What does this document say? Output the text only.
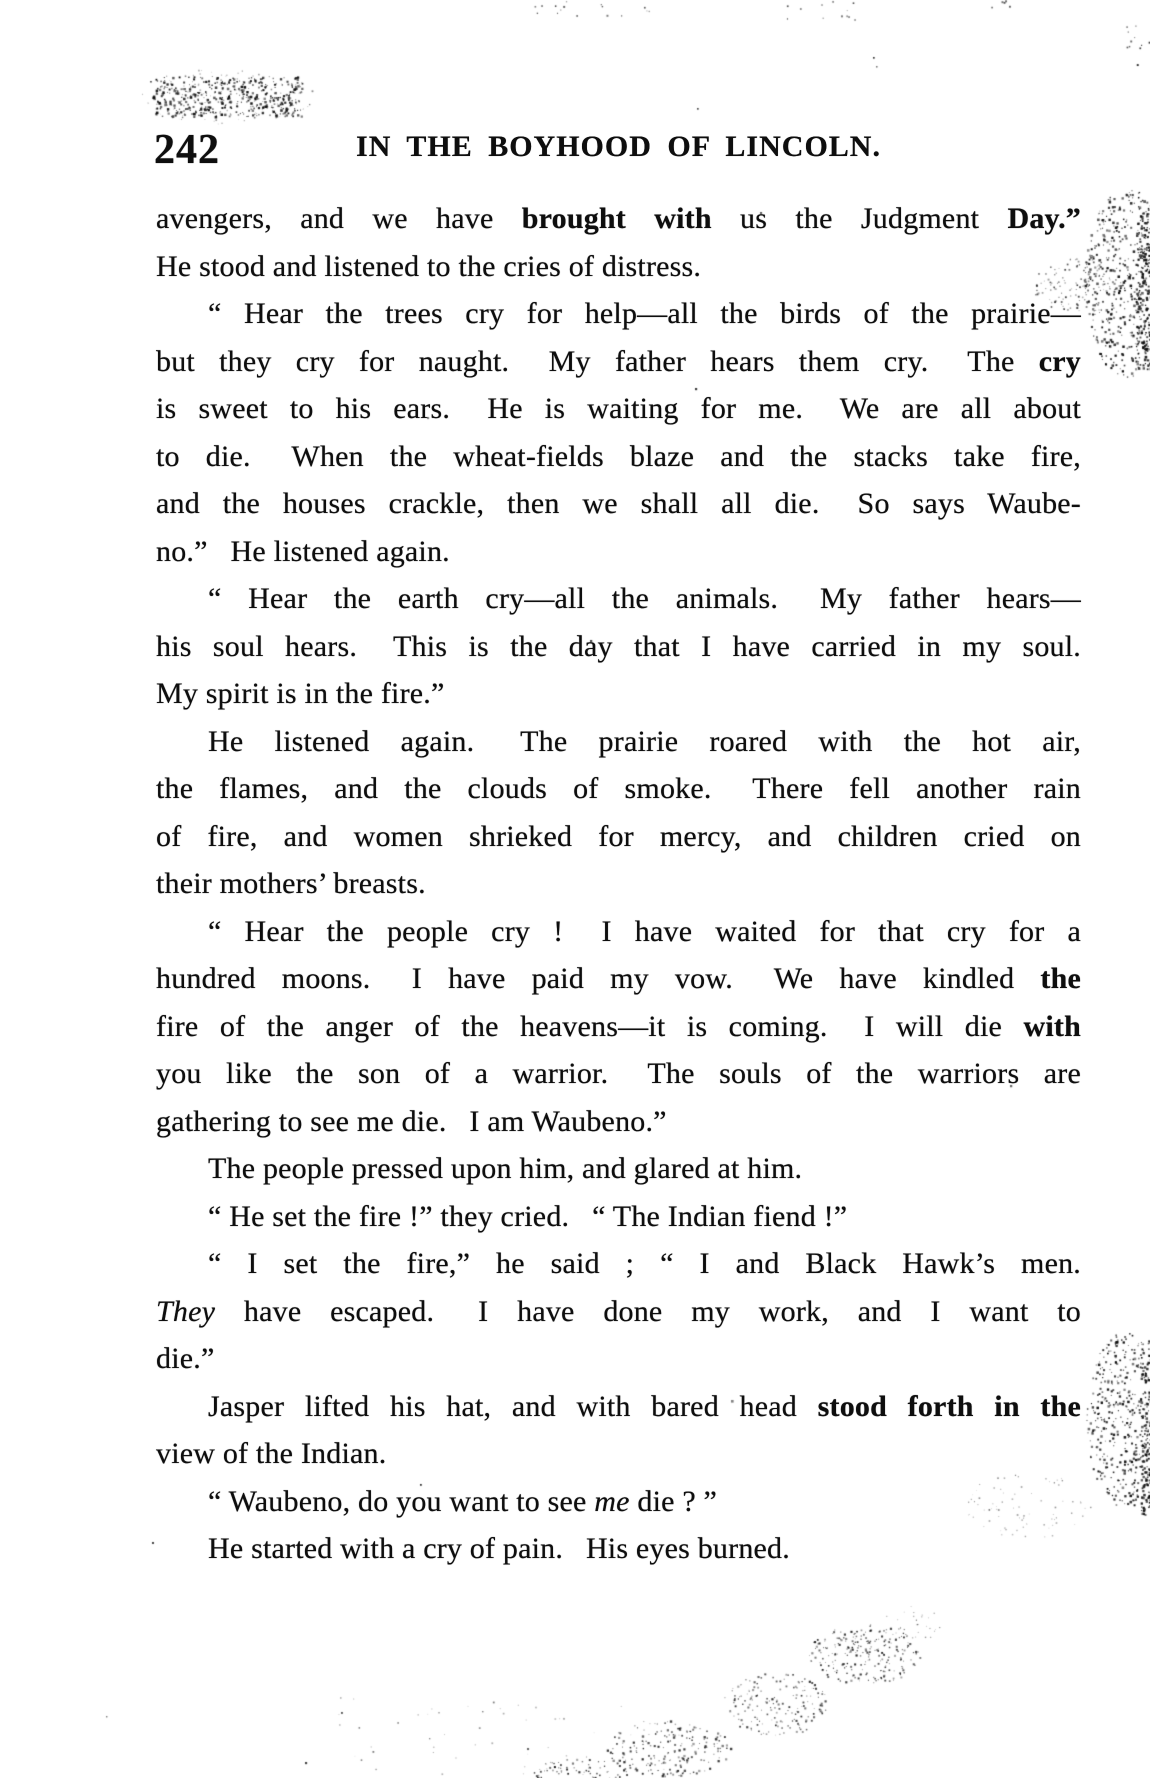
242	IN THE BOYHOOD OF LINCOLN.
avengers, and we have brought with us the Judgment Day.”
He stood and listened to the cries of distress.
“ Hear the trees cry for help—all the birds of the prairie—
but they cry for naught.  My father hears them cry.  The cry
is sweet to his ears.  He is waiting for me.  We are all about
to die.  When the wheat-fields blaze and the stacks take fire,
and the houses crackle, then we shall all die.  So says Waube-
no.”  He listened again.
“ Hear the earth cry—all the animals.  My father hears—
his soul hears.  This is the day that I have carried in my soul.
My spirit is in the fire.”
He listened again.  The prairie roared with the hot air,
the flames, and the clouds of smoke.  There fell another rain
of fire, and women shrieked for mercy, and children cried on
their mothers’ breasts.
“ Hear the people cry !  I have waited for that cry for a
hundred moons.  I have paid my vow.  We have kindled the
fire of the anger of the heavens—it is coming.  I will die with
you like the son of a warrior.  The souls of the warriors are
gathering to see me die.  I am Waubeno.”
The people pressed upon him, and glared at him.
“ He set the fire !” they cried.  “ The Indian fiend !”
“ I set the fire,” he said ; “ I and Black Hawk’s men.
They have escaped.  I have done my work, and I want to
die.”
Jasper lifted his hat, and with bared head stood forth in the
view of the Indian.
“ Waubeno, do you want to see me die ? ”
He started with a cry of pain.  His eyes burned.
